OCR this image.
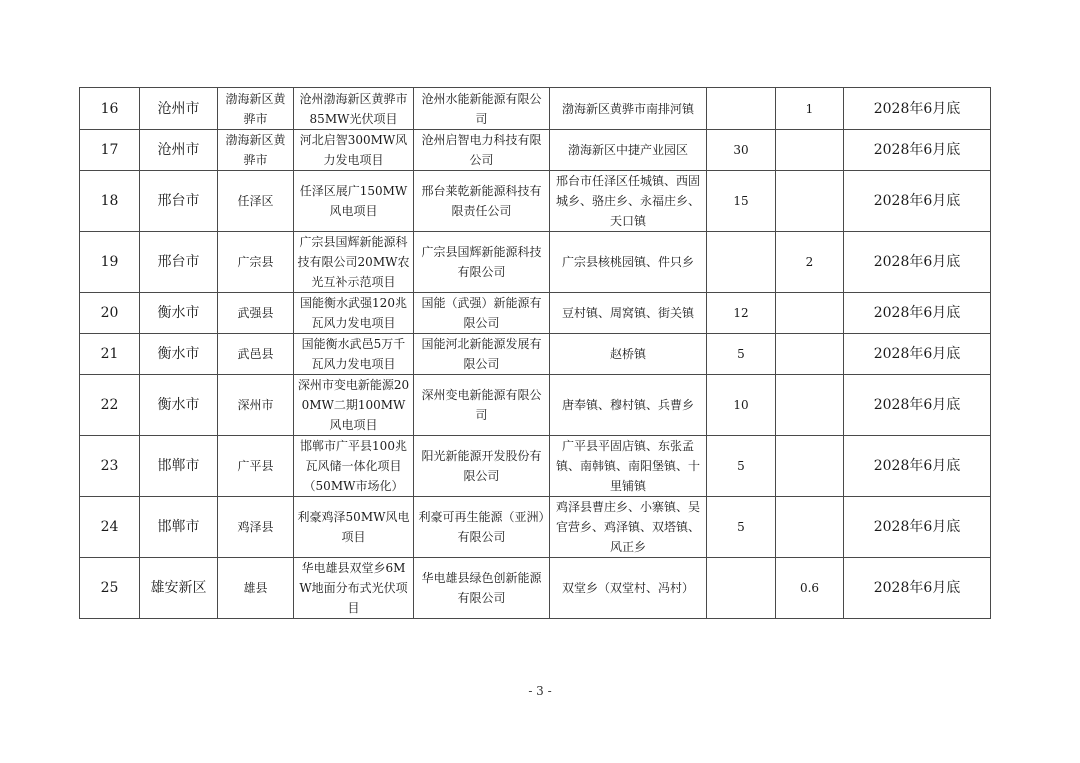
16	沧州市	渤海新区黄骅市	沧州渤海新区黄骅市85MW光伏项目	沧州水能新能源有限公司	渤海新区黄骅市南排河镇		1	2028年6月底
17	沧州市	渤海新区黄骅市	河北启智300MW风力发电项目	沧州启智电力科技有限公司	渤海新区中捷产业园区	30		2028年6月底
18	邢台市	任泽区	任泽区展广150MW风电项目	邢台莱乾新能源科技有限责任公司	邢台市任泽区任城镇、西固城乡、骆庄乡、永福庄乡、天口镇	15		2028年6月底
19	邢台市	广宗县	广宗县国辉新能源科技有限公司20MW农光互补示范项目	广宗县国辉新能源科技有限公司	广宗县核桃园镇、件只乡		2	2028年6月底
20	衡水市	武强县	国能衡水武强120兆瓦风力发电项目	国能（武强）新能源有限公司	豆村镇、周窝镇、街关镇	12		2028年6月底
21	衡水市	武邑县	国能衡水武邑5万千瓦风力发电项目	国能河北新能源发展有限公司	赵桥镇	5		2028年6月底
22	衡水市	深州市	深州市变电新能源200MW二期100MW风电项目	深州变电新能源有限公司	唐奉镇、穆村镇、兵曹乡	10		2028年6月底
23	邯郸市	广平县	邯郸市广平县100兆瓦风储一体化项目（50MW市场化）	阳光新能源开发股份有限公司	广平县平固店镇、东张孟镇、南韩镇、南阳堡镇、十里铺镇	5		2028年6月底
24	邯郸市	鸡泽县	利豪鸡泽50MW风电项目	利豪可再生能源（亚洲）有限公司	鸡泽县曹庄乡、小寨镇、吴官营乡、鸡泽镇、双塔镇、风正乡	5		2028年6月底
25	雄安新区	雄县	华电雄县双堂乡6MW地面分布式光伏项目	华电雄县绿色创新能源有限公司	双堂乡（双堂村、冯村）		0.6	2028年6月底
- 3 -
